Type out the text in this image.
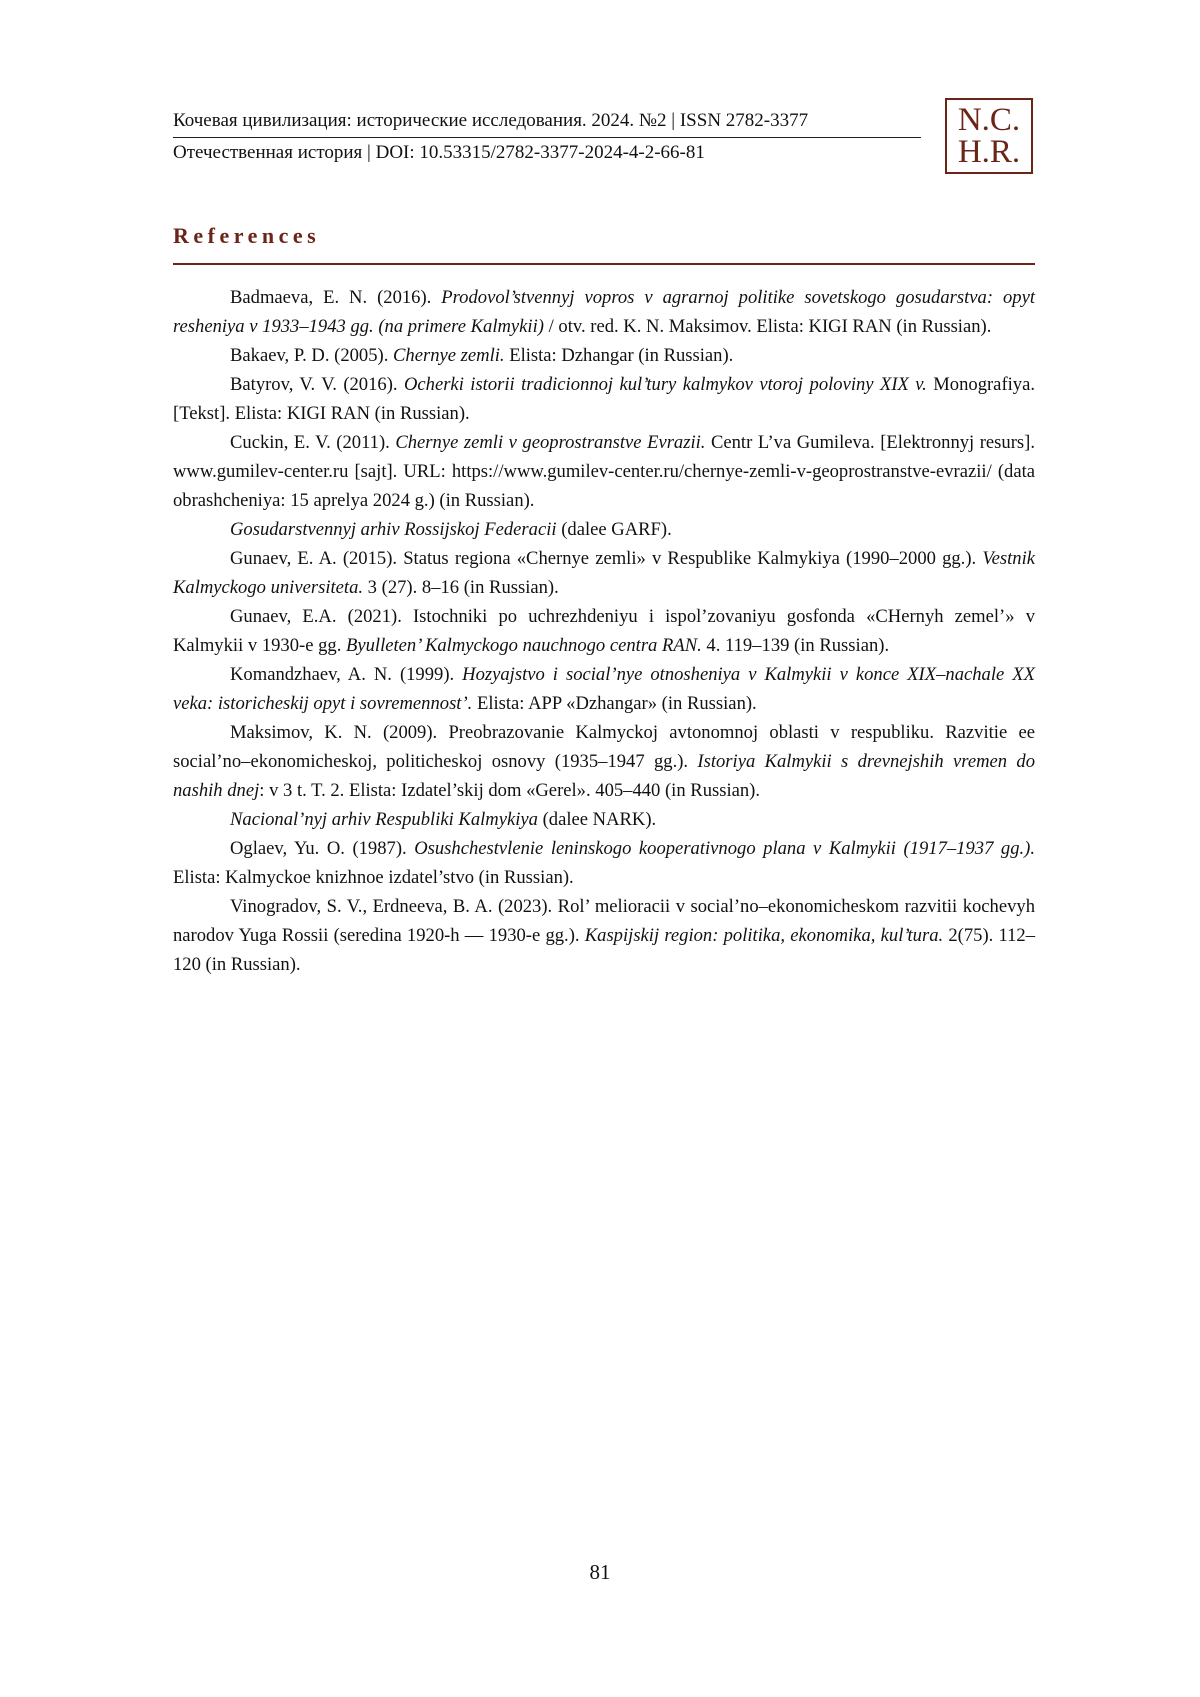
Кочевая цивилизация: исторические исследования. 2024. №2 | ISSN 2782-3377
Отечественная история | DOI: 10.53315/2782-3377-2024-4-2-66-81
N.C.
H.R.
References

Badmaeva, E. N. (2016). Prodovol’stvennyj vopros v agrarnoj politike sovetskogo gosudarstva: opyt resheniya v 1933–1943 gg. (na primere Kalmykii) / otv. red. K. N. Maksimov. Elista: KIGI RAN (in Russian).

Bakaev, P. D. (2005). Chernye zemli. Elista: Dzhangar (in Russian).

Batyrov, V. V. (2016). Ocherki istorii tradicionnoj kul’tury kalmykov vtoroj poloviny XIX v. Monografiya. [Tekst]. Elista: KIGI RAN (in Russian).

Cuckin, E. V. (2011). Chernye zemli v geoprostranstve Evrazii. Centr L’va Gumileva. [Elektronnyj resurs]. www.gumilev-center.ru [sajt]. URL: https://www.gumilev-center.ru/chernye-zemli-v-geoprostranstve-evrazii/ (data obrashcheniya: 15 aprelya 2024 g.) (in Russian).

Gosudarstvennyj arhiv Rossijskoj Federacii (dalee GARF).

Gunaev, E. A. (2015). Status regiona «Chernye zemli» v Respublike Kalmykiya (1990–2000 gg.). Vestnik Kalmyckogo universiteta. 3 (27). 8–16 (in Russian).

Gunaev, E.A. (2021). Istochniki po uchrezhdeniyu i ispol’zovaniyu gosfonda «CHernyh zemel’» v Kalmykii v 1930-e gg. Byulleten’ Kalmyckogo nauchnogo centra RAN. 4. 119–139 (in Russian).

Komandzhaev, A. N. (1999). Hozyajstvo i social’nye otnosheniya v Kalmykii v konce XIX–nachale XX veka: istoricheskij opyt i sovremennost’. Elista: APP «Dzhangar» (in Russian).

Maksimov, K. N. (2009). Preobrazovanie Kalmyckoj avtonomnoj oblasti v respubliku. Razvitie ee social’no–ekonomicheskoj, politicheskoj osnovy (1935–1947 gg.). Istoriya Kalmykii s drevnejshih vremen do nashih dnej: v 3 t. T. 2. Elista: Izdatel’skij dom «Gerel». 405–440 (in Russian).

Nacional’nyj arhiv Respubliki Kalmykiya (dalee NARK).

Oglaev, Yu. O. (1987). Osushchestvlenie leninskogo kooperativnogo plana v Kalmykii (1917–1937 gg.). Elista: Kalmyckoe knizhnoe izdatel’stvo (in Russian).

Vinogradov, S. V., Erdneeva, B. A. (2023). Rol’ melioracii v social’no–ekonomicheskom razvitii kochevyh narodov Yuga Rossii (seredina 1920-h — 1930-e gg.). Kaspijskij region: politika, ekonomika, kul’tura. 2(75). 112–120 (in Russian).

81
